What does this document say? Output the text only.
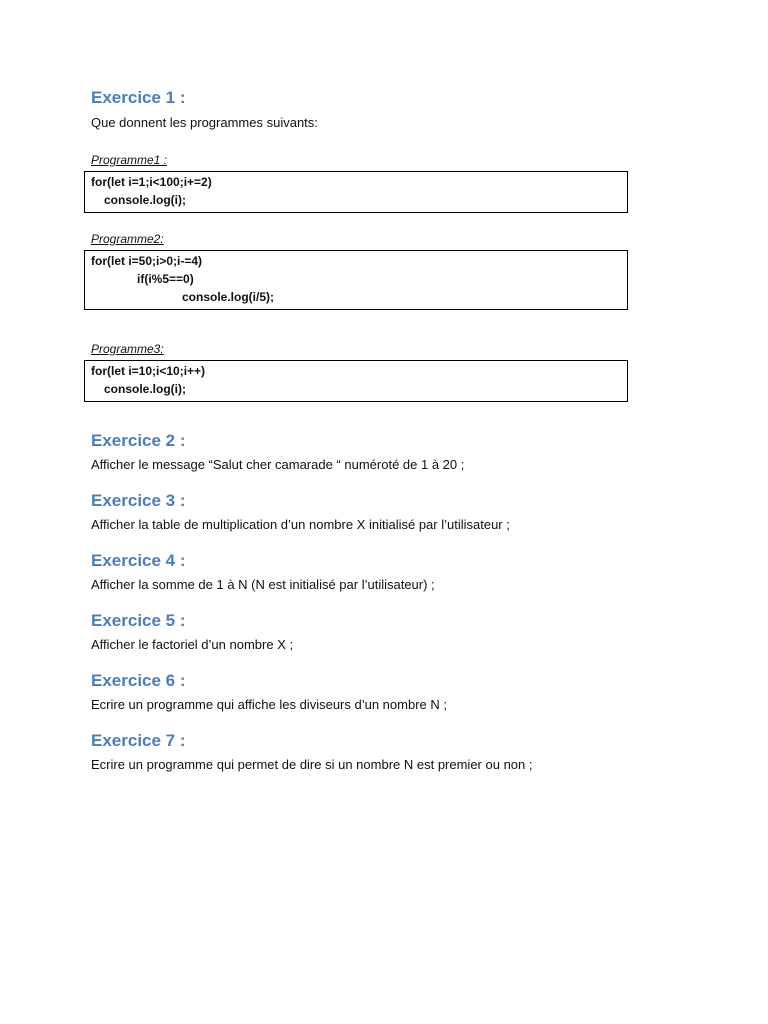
Exercice 1 :
Que donnent les programmes suivants:
Programme1 :
for(let i=1;i<100;i+=2)
console.log(i);
Programme2:
for(let i=50;i>0;i-=4)
if(i%5==0)
console.log(i/5);
Programme3:
for(let i=10;i<10;i++)
console.log(i);
Exercice 2 :
Afficher le message “Salut cher camarade “ numéroté de 1 à 20 ;
Exercice 3 :
Afficher la table de multiplication d’un nombre X initialisé par l’utilisateur ;
Exercice 4 :
Afficher la somme de 1 à N (N est initialisé par l’utilisateur) ;
Exercice 5 :
Afficher le factoriel d’un nombre X ;
Exercice 6 :
Ecrire un programme qui affiche les diviseurs d’un nombre N ;
Exercice 7 :
Ecrire un programme qui permet de dire si un nombre N est premier ou non ;
